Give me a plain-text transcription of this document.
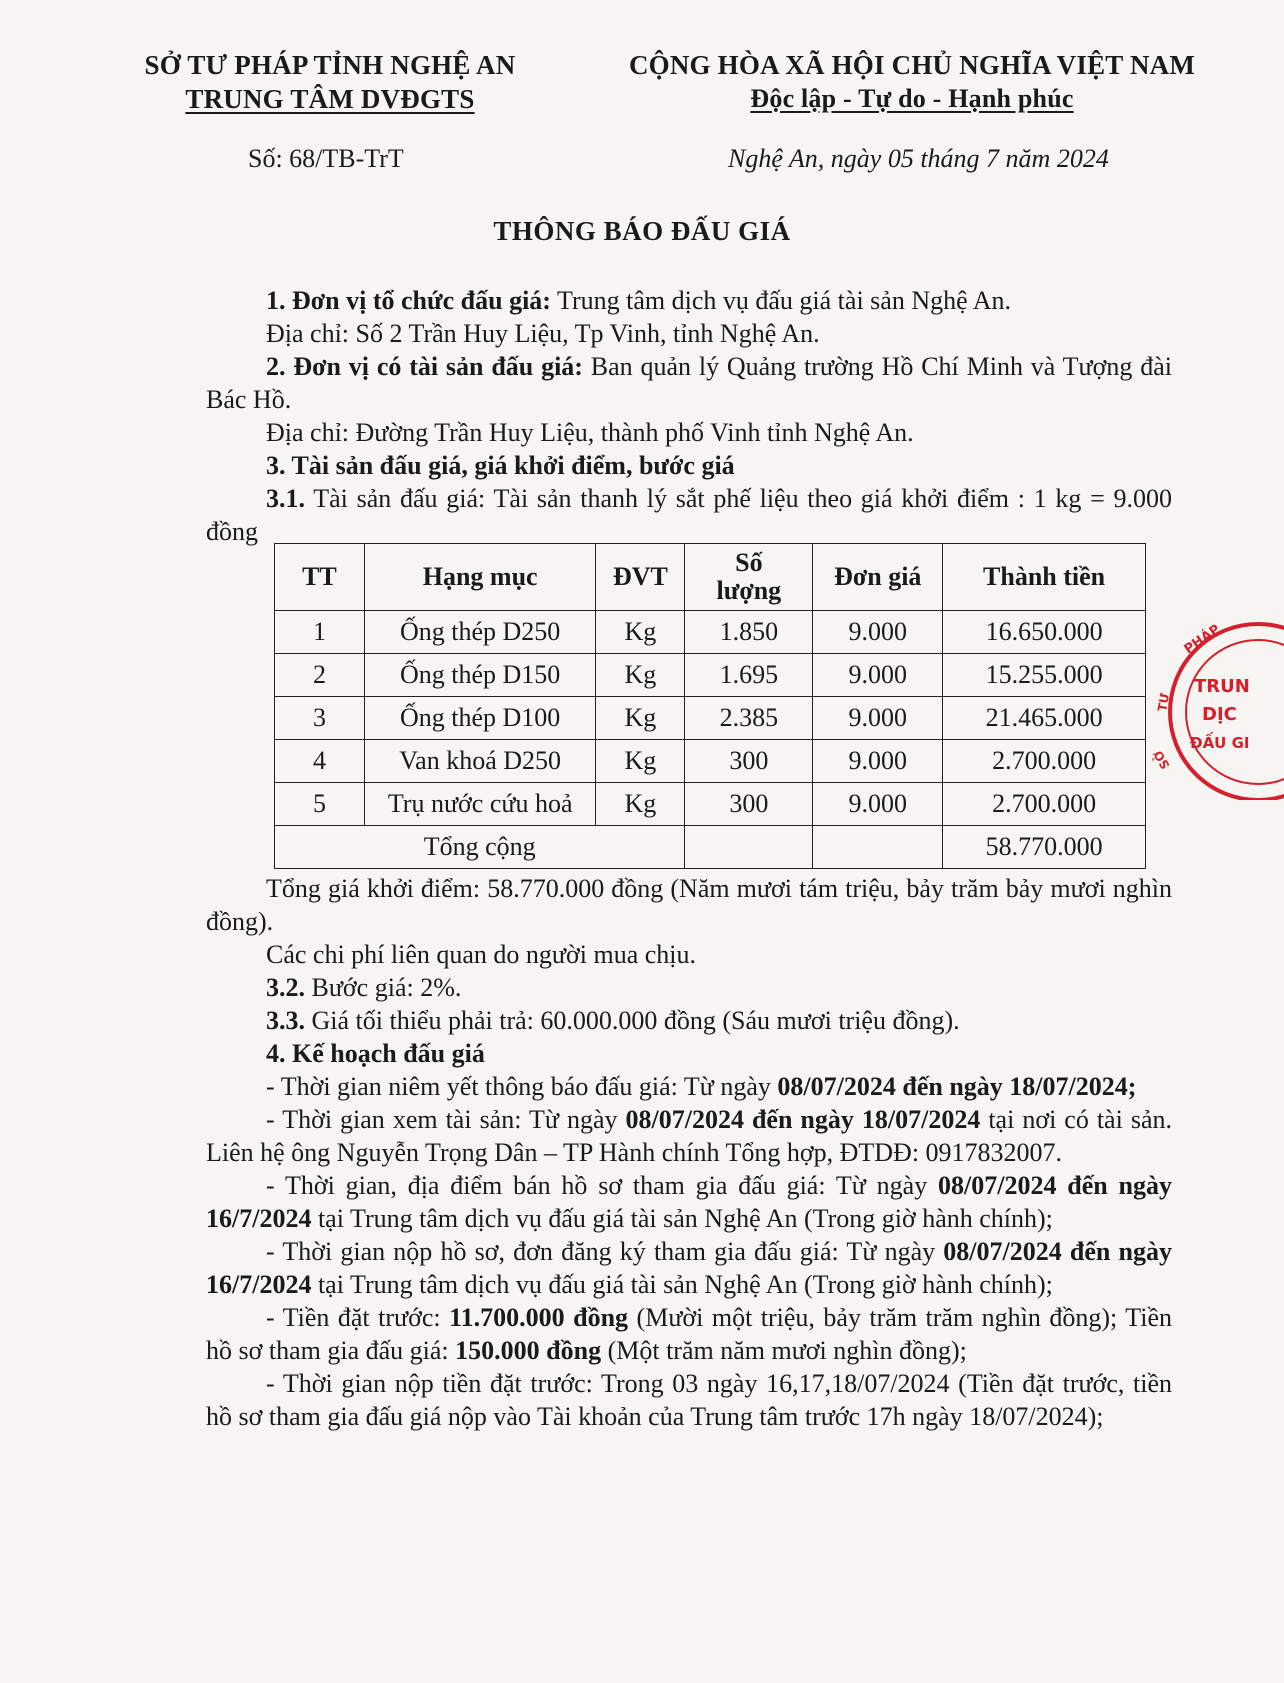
SỞ TƯ PHÁP TỈNH NGHỆ AN
TRUNG TÂM DVĐGTS
CỘNG HÒA XÃ HỘI CHỦ NGHĨA VIỆT NAM
Độc lập - Tự do - Hạnh phúc
Số: 68/TB-TrT	Nghệ An, ngày 05 tháng 7 năm 2024
THÔNG BÁO ĐẤU GIÁ

1. Đơn vị tổ chức đấu giá: Trung tâm dịch vụ đấu giá tài sản Nghệ An.

Địa chỉ: Số 2 Trần Huy Liệu, Tp Vinh, tỉnh Nghệ An.

2. Đơn vị có tài sản đấu giá: Ban quản lý Quảng trường Hồ Chí Minh và Tượng đài Bác Hồ.

Địa chỉ: Đường Trần Huy Liệu, thành phố Vinh tỉnh Nghệ An.

3. Tài sản đấu giá, giá khởi điểm, bước giá

3.1. Tài sản đấu giá: Tài sản thanh lý sắt phế liệu theo giá khởi điểm : 1 kg = 9.000 đồng

TT	Hạng mục	ĐVT	Số lượng	Đơn giá	Thành tiền
1	Ống thép D250	Kg	1.850	9.000	16.650.000
2	Ống thép D150	Kg	1.695	9.000	15.255.000
3	Ống thép D100	Kg	2.385	9.000	21.465.000
4	Van khoá D250	Kg	300	9.000	2.700.000
5	Trụ nước cứu hoả	Kg	300	9.000	2.700.000
Tổng cộng					58.770.000
PHÁP
TƯ
SỞ
TRUN
DỊC
ĐẤU GI

Tổng giá khởi điểm: 58.770.000 đồng (Năm mươi tám triệu, bảy trăm bảy mươi nghìn đồng).

Các chi phí liên quan do người mua chịu.

3.2. Bước giá: 2%.

3.3. Giá tối thiểu phải trả: 60.000.000 đồng (Sáu mươi triệu đồng).

4. Kế hoạch đấu giá

- Thời gian niêm yết thông báo đấu giá: Từ ngày 08/07/2024 đến ngày 18/07/2024;

- Thời gian xem tài sản: Từ ngày 08/07/2024 đến ngày 18/07/2024 tại nơi có tài sản. Liên hệ ông Nguyễn Trọng Dân – TP Hành chính Tổng hợp, ĐTDĐ: 0917832007.

- Thời gian, địa điểm bán hồ sơ tham gia đấu giá: Từ ngày 08/07/2024 đến ngày 16/7/2024 tại Trung tâm dịch vụ đấu giá tài sản Nghệ An (Trong giờ hành chính);

- Thời gian nộp hồ sơ, đơn đăng ký tham gia đấu giá: Từ ngày 08/07/2024 đến ngày 16/7/2024 tại Trung tâm dịch vụ đấu giá tài sản Nghệ An (Trong giờ hành chính);

- Tiền đặt trước: 11.700.000 đồng (Mười một triệu, bảy trăm trăm nghìn đồng); Tiền hồ sơ tham gia đấu giá: 150.000 đồng (Một trăm năm mươi nghìn đồng);

- Thời gian nộp tiền đặt trước: Trong 03 ngày 16,17,18/07/2024 (Tiền đặt trước, tiền hồ sơ tham gia đấu giá nộp vào Tài khoản của Trung tâm trước 17h ngày 18/07/2024);
